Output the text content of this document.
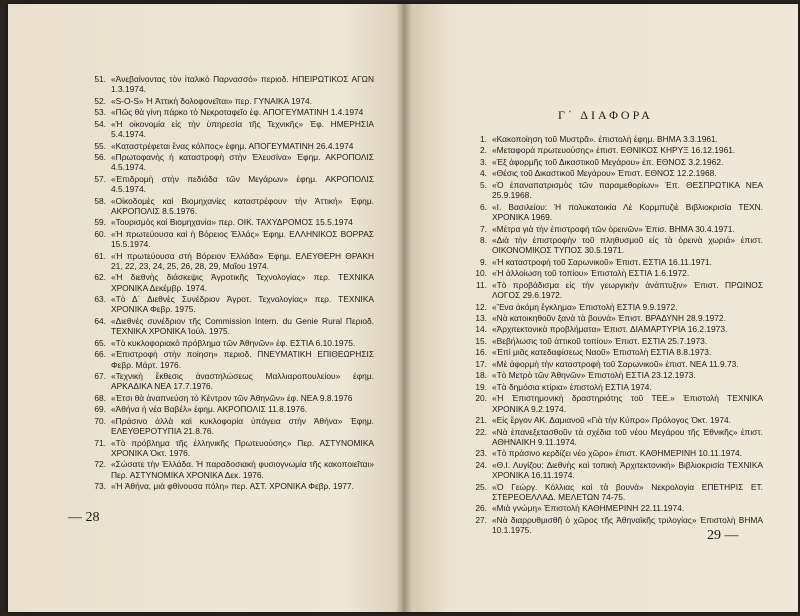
51. «Ἀνεβαίνοντας τὸν ἰταλικὸ Παρνασσό» περιοδ. ΗΠΕΙΡΩΤΙΚΟΣ ΑΓΩΝ 1.3.1974.
52. «S-O-S» Ἡ Ἀττικὴ δολοφονεῖται» περ. ΓΥΝΑΙΚΑ 1974.
53. «Πῶς θὰ γίνη πάρκο τὸ Νεκροταφεῖο ἐφ. ΑΠΟΓΕΥΜΑΤΙΝΗ 1.4.1974
54. «Ἡ οἰκονομία εἰς τὴν ὑπηρεσία τῆς Τεχνικῆς» Ἐφ. ΗΜΕΡΗΣΙΑ 5.4.1974.
55. «Καταστρέφεται ἕνας κόλπος» ἐφημ. ΑΠΟΓΕΥΜΑΤΙΝΗ 26.4.1974
56. «Πρωτοφανὴς ἡ καταστροφὴ στὴν Ἐλευσίνα» Ἐφημ. ΑΚΡΟΠΟΛΙΣ 4.5.1974.
57. «Ἐπιδρομὴ στὴν πεδιάδα τῶν Μεγάρων» ἐφημ. ΑΚΡΟΠΟΛΙΣ 4.5.1974.
58. «Οἰκοδομὲς καὶ Βιομηχανίες καταστρέφουν τὴν Ἀττική» Ἐφημ. ΑΚΡΟΠΟΛΙΣ 8.5.1976.
59. «Τουρισμὸς καὶ Βιομηχανία» περ. ΟΙΚ. ΤΑΧΥΔΡΟΜΟΣ 15.5.1974
60. «Ἡ πρωτεύουσα καὶ ἡ Βόρειος Ἑλλάς» Ἐφημ. ΕΛΛΗΝΙΚΟΣ ΒΟΡΡΑΣ 15.5.1974.
61. «Ἡ πρωτεύουσα στὴ Βόρειον Ἑλλάδα» Ἐφημ. ΕΛΕΥΘΕΡΗ ΘΡΑΚΗ 21, 22, 23, 24, 25, 26, 28, 29, Μαΐου 1974.
62. «Ἡ διεθνὴς διάσκεψις Ἀγροτικῆς Τεχνολογίας» περ. ΤΕΧΝΙΚΑ ΧΡΟΝΙΚΑ Δεκέμβρ. 1974.
63. «Τὸ Δ΄ Διεθνὲς Συνέδριον Ἀγροτ. Τεχνολογίας» περ. ΤΕΧΝΙΚΑ ΧΡΟΝΙΚΑ Φεβρ. 1975.
64. «Διεθνὲς συνέδριον τῆς Commission Intern. du Genie Rural Περιοδ. ΤΕΧΝΙΚΑ ΧΡΟΝΙΚΑ Ἰούλ. 1975.
65. «Τὸ κυκλοφοριακὸ πρόβλημα τῶν Ἀθηνῶν» ἐφ. ΕΣΤΙΑ 6.10.1975.
66. «Ἐπιστροφὴ στὴν ποίηση» περιοδ. ΠΝΕΥΜΑΤΙΚΗ ΕΠΙΘΕΩΡΗΣΙΣ Φεβρ. Μάρτ. 1976.
67. «Τεχνικὴ ἔκθεσις ἀναστηλώσεως Μαλλιαροπουλείου» ἐφημ. ΑΡΚΑΔΙΚΑ ΝΕΑ 17.7.1976.
68. «Ἐτσι θὰ ἀναπνεύση τὸ Κέντρον τῶν Ἀθηνῶν» ἐφ. ΝΕΑ 9.8.1976
69. «Ἀθήνα ἡ νέα Βαβέλ» ἐφημ. ΑΚΡΟΠΟΛΙΣ 11.8.1976.
70. «Πράσινο ἀλλὰ καὶ κυκλοφορία ὑπάγεια στὴν Ἀθήνα» Ἐφημ. ΕΛΕΥΘΕΡΟΤΥΠΙΑ 21.8.76.
71. «Τὸ πρόβλημα τῆς ἑλληνικῆς Πρωτευούσης» Περ. ΑΣΤΥΝΟΜΙΚΑ ΧΡΟΝΙΚΑ Ὀκτ. 1976.
72. «Σώσατε τὴν Ἑλλάδα. Ἡ παραδοσιακὴ φυσιογνωμία τῆς κακοποιεῖται» Περ. ΑΣΤΥΝΟΜΙΚΑ ΧΡΟΝΙΚΑ Δεκ. 1976.
73. «Ἡ Ἀθήνα, μιὰ φθίνουσα πόλη» περ. ΑΣΤ. ΧΡΟΝΙΚΑ Φεβρ. 1977.
— 28
1. «Κακοποίηση τοῦ Μυστρᾶ». ἐπιστολὴ ἐφημ. ΒΗΜΑ 3.3.1961.
2. «Μεταφορὰ πρωτευούσης» ἐπιστ. ΕΘΝΙΚΟΣ ΚΗΡΥΞ 16.12.1961.
3. «Ἐξ ἀφορμῆς τοῦ Δικαστικοῦ Μεγάρου» ἐπ. ΕΘΝΟΣ 3.2.1962.
4. «Θέσις τοῦ Δικαστικοῦ Μεγάρου» Ἐπιστ. ΕΘΝΟΣ 12.2.1968.
5. «Ὁ ἐπαναπατρισμὸς τῶν παραμεθορίων» Ἐπ. ΘΕΣΠΡΩΤΙΚΑ ΝΕΑ 25.9.1968.
6. «Ι. Βασιλείου: Ἡ πολυκατοικία Λὲ Κορμπυζιὲ Βιβλιοκρισία ΤΕΧΝ. ΧΡΟΝΙΚΑ 1969.
7. «Μέτρα γιὰ τὴν ἐπιστροφὴ τῶν ὀρεινῶν» Ἐπισ. ΒΗΜΑ 30.4.1971.
8. «Διὰ τὴν ἐπιστροφὴν τοῦ πληθυσμοῦ εἰς τὰ ὀρεινὰ χωριά» ἐπιστ. ΟΙΚΟΝΟΜΙΚΟΣ ΤΥΠΟΣ 30.5.1971.
9. «Ἡ καταστροφὴ τοῦ Σαρωνικοῦ» Ἐπιστ. ΕΣΤΙΑ 16.11.1971.
10. «Ἡ ἀλλοίωση τοῦ τοπίου» Ἐπιστολὴ ΕΣΤΙΑ 1.6.1972.
11. «Τὸ προβάδισμα εἰς τὴν γεωργικὴν ἀνάπτυξιν» Ἐπιστ. ΠΡΩΙΝΟΣ ΛΟΓΟΣ 29.6.1972.
12. «Ἕνα ἀκόμη ἔγκλημα» Ἐπιστολὴ ΕΣΤΙΑ 9.9.1972.
13. «Νὰ κατοικηθοῦν ξανὰ τὰ βουνά» Ἐπιστ. ΒΡΑΔΥΝΗ 28.9.1972.
14. «Ἀρχιτεκτονικὰ προβλήματα» Ἐπιστ. ΔΙΑΜΑΡΤΥΡΙΑ 16.2.1973.
15. «Βεβήλωσις τοῦ ἀττικοῦ τοπίου» Ἐπιστ. ΕΣΤΙΑ 25.7.1973.
16. «Ἐπὶ μιᾶς κατεδαφίσεως Ναοῦ» Ἐπιστολὴ ΕΣΤΙΑ 8.8.1973.
17. «Μὲ ἀφορμὴ τὴν καταστροφὴ τοῦ Σαρωνικοῦ» ἐπιστ. ΝΕΑ 11.9.73.
18. «Τὸ Μετρὸ τῶν Ἀθηνῶν» Ἐπιστολὴ ΕΣΤΙΑ 23.12.1973.
19. «Τὰ δημόσια κτίρια» ἐπιστολὴ ΕΣΤΙΑ 1974.
20. «Ἡ Ἐπιστημονικὴ δραστηριότης τοῦ ΤΕΕ.» Ἐπιστολὴ ΤΕΧΝΙΚΑ ΧΡΟΝΙΚΑ 9.2.1974.
21. «Εἰς ἔργον ΑΚ. Δαμιανοῦ «Γιὰ τὴν Κύπρο» Πρόλογος Ὀκτ. 1974.
22. «Νὰ ἐπανεξετασθοῦν τὰ σχέδια τοῦ νέου Μεγάρου τῆς Ἐθνικῆς» ἐπιστ. ΑΘΗΝΑΙΚΗ 9.11.1974.
23. «Τὸ πράσινο κερδίζει νέο χῶρο» ἐπιστ. ΚΑΘΗΜΕΡΙΝΗ 10.11.1974.
24. «Θ.Ι. Λυγίζου: Διεθνὴς καὶ τοπικὴ Ἀρχιτεκτονικὴ» Βιβλιοκρισία ΤΕΧΝΙΚΑ ΧΡΟΝΙΚΑ 16.11.1974.
25. «Ὁ Γεώργ. Κόλλιας καὶ τὰ βουνὰ» Νεκρολογία ΕΠΕΤΗΡΙΣ ΕΤ. ΣΤΕΡΕΟΕΛΛΑΔ. ΜΕΛΕΤΩΝ 74-75.
26. «Μιὰ γνώμη» Ἐπιστολὴ ΚΑΘΗΜΕΡΙΝΗ 22.11.1974.
27. «Νὰ διαρρυθμισθῆ ὁ χῶρος τῆς Ἀθηναϊκῆς τριλογίας» Ἐπιστολὴ ΒΗΜΑ 10.1.1975.
Γ΄ ΔΙΑΦΟΡΑ
29 —
